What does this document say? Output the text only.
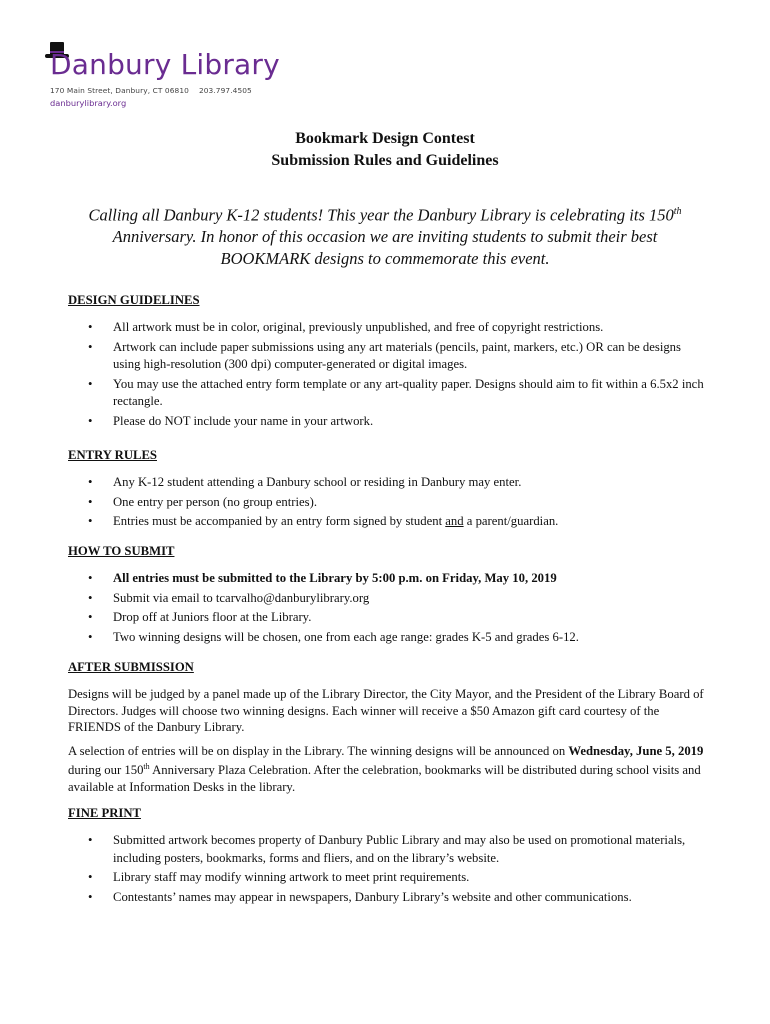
Danbury Library
170 Main Street, Danbury, CT 06810 203.797.4505
danburylibrary.org
Bookmark Design Contest
Submission Rules and Guidelines
Calling all Danbury K-12 students! This year the Danbury Library is celebrating its 150th Anniversary. In honor of this occasion we are inviting students to submit their best BOOKMARK designs to commemorate this event.
DESIGN GUIDELINES
• All artwork must be in color, original, previously unpublished, and free of copyright restrictions.
• Artwork can include paper submissions using any art materials (pencils, paint, markers, etc.) OR can be designs using high-resolution (300 dpi) computer-generated or digital images.
• You may use the attached entry form template or any art-quality paper. Designs should aim to fit within a 6.5x2 inch rectangle.
• Please do NOT include your name in your artwork.
ENTRY RULES
• Any K-12 student attending a Danbury school or residing in Danbury may enter.
• One entry per person (no group entries).
• Entries must be accompanied by an entry form signed by student and a parent/guardian.
HOW TO SUBMIT
• All entries must be submitted to the Library by 5:00 p.m. on Friday, May 10, 2019
• Submit via email to tcarvalho@danburylibrary.org
• Drop off at Juniors floor at the Library.
• Two winning designs will be chosen, one from each age range: grades K-5 and grades 6-12.
AFTER SUBMISSION
Designs will be judged by a panel made up of the Library Director, the City Mayor, and the President of the Library Board of Directors. Judges will choose two winning designs. Each winner will receive a $50 Amazon gift card courtesy of the FRIENDS of the Danbury Library.
A selection of entries will be on display in the Library. The winning designs will be announced on Wednesday, June 5, 2019 during our 150th Anniversary Plaza Celebration. After the celebration, bookmarks will be distributed during school visits and available at Information Desks in the library.
FINE PRINT
• Submitted artwork becomes property of Danbury Public Library and may also be used on promotional materials, including posters, bookmarks, forms and fliers, and on the library’s website.
• Library staff may modify winning artwork to meet print requirements.
• Contestants’ names may appear in newspapers, Danbury Library’s website and other communications.
